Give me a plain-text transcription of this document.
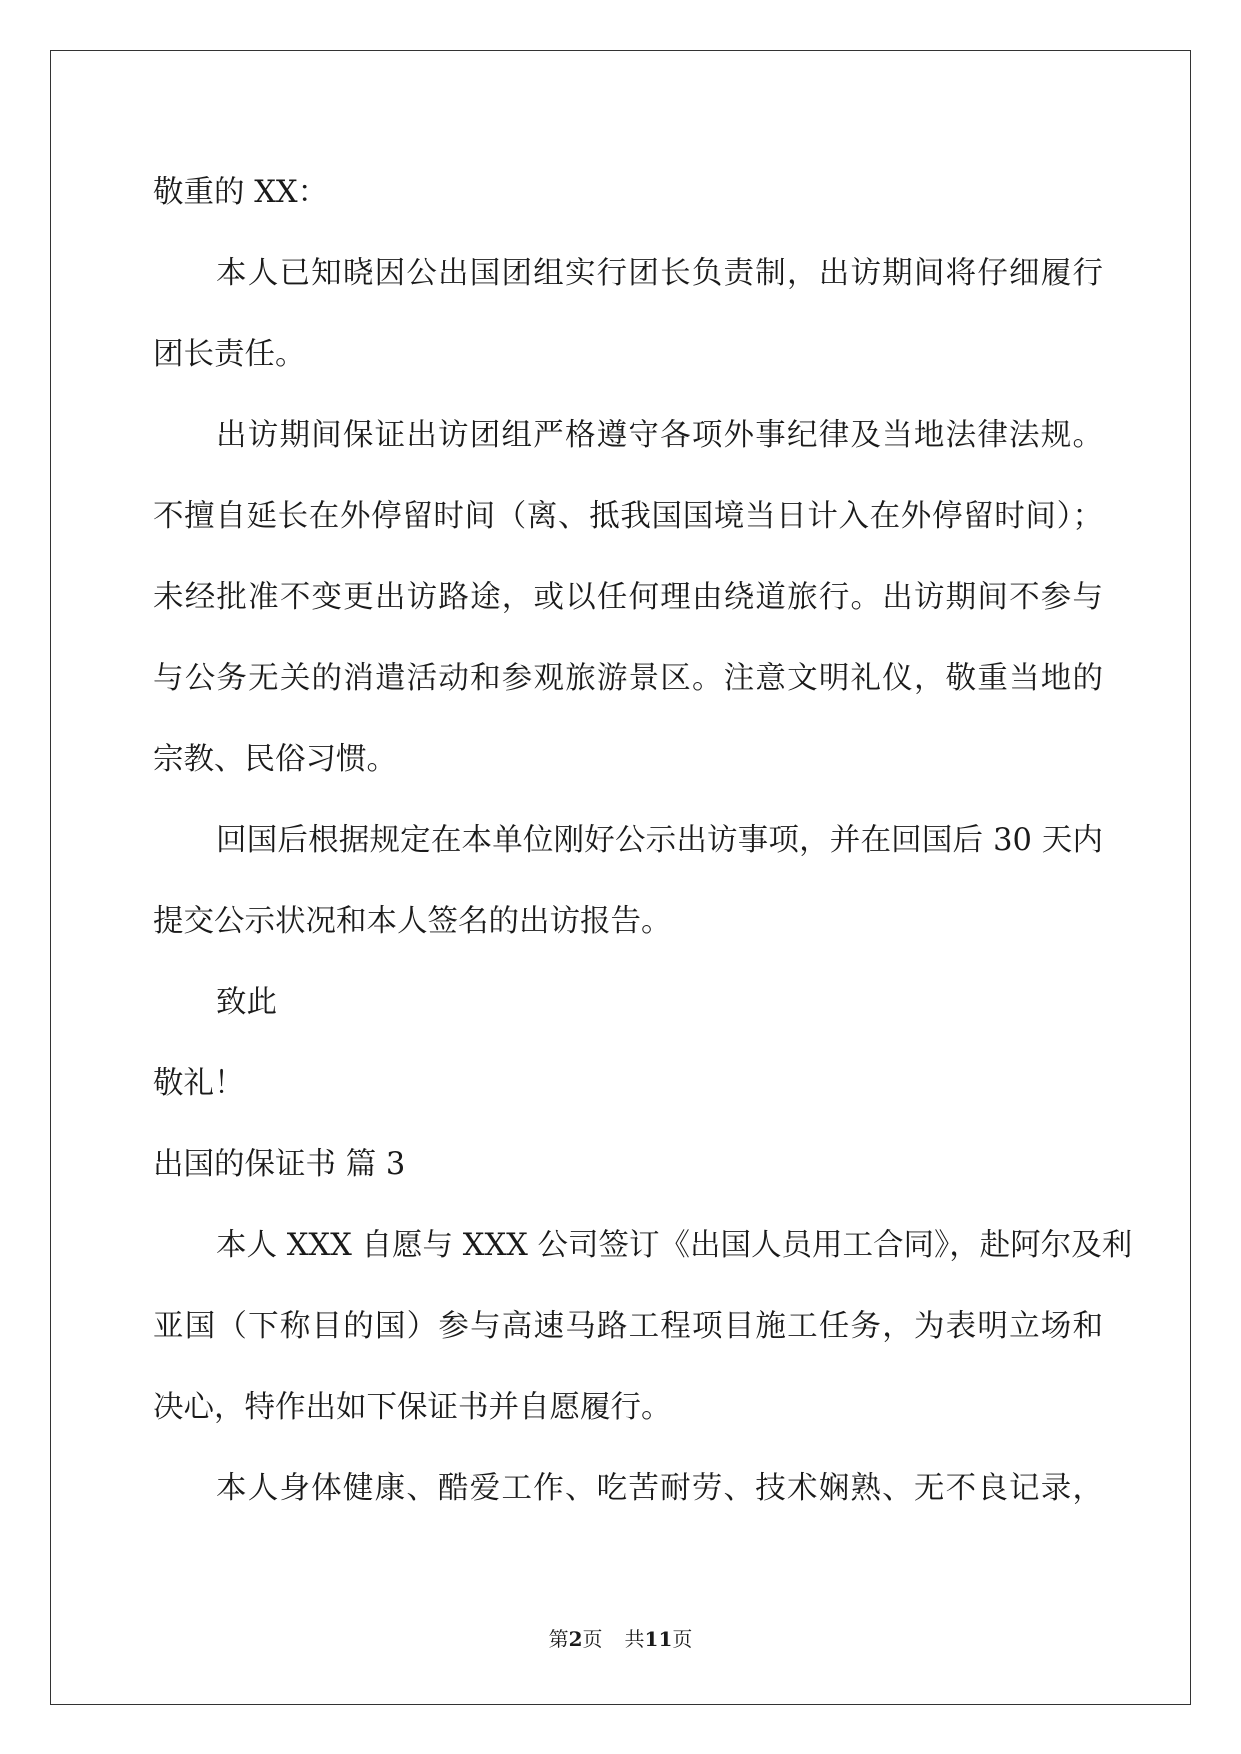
敬重的 XX：
本人已知晓因公出国团组实行团长负责制，出访期间将仔细履行
团长责任。
出访期间保证出访团组严格遵守各项外事纪律及当地法律法规。
不擅自延长在外停留时间（离、抵我国国境当日计入在外停留时间）；
未经批准不变更出访路途，或以任何理由绕道旅行。出访期间不参与
与公务无关的消遣活动和参观旅游景区。注意文明礼仪，敬重当地的
宗教、民俗习惯。
回国后根据规定在本单位刚好公示出访事项，并在回国后 30 天内
提交公示状况和本人签名的出访报告。
致此
敬礼！
出国的保证书 篇 3
本人 XXX 自愿与 XXX 公司签订《出国人员用工合同》，赴阿尔及利
亚国（下称目的国）参与高速马路工程项目施工任务，为表明立场和
决心，特作出如下保证书并自愿履行。
本人身体健康、酷爱工作、吃苦耐劳、技术娴熟、无不良记录，
第2页 共11页
